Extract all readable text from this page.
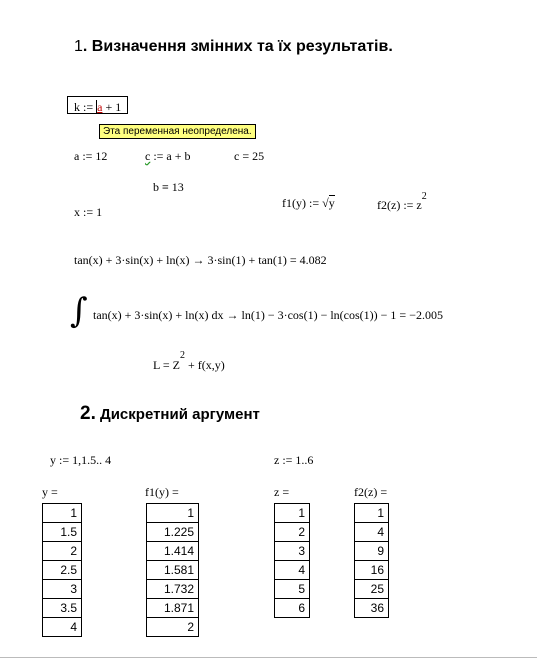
1. Визначення змінних та їх результатів.
k := a + 1
Эта переменная неопределена.
a := 12	c := a + b	c = 25
b ≡ 13
x := 1
f1(y) := √y	f2(z) := $z^2$
tan(x) + 3·sin(x) + ln(x) → 3·sin(1) + tan(1) = 4.082
∫ tan(x) + 3·sin(x) + ln(x) dx → ln(1) − 3·cos(1) − ln(cos(1)) − 1 = −2.005
$L = Z^2 + f(x,y)$
2. Дискретний аргумент
y := 1,1.5.. 4	z := 1..6
y =
1
1.5
2
2.5
3
3.5
4
f1(y) =
1
1.225
1.414
1.581
1.732
1.871
2
z =
1
2
3
4
5
6
f2(z) =
1
4
9
16
25
36
